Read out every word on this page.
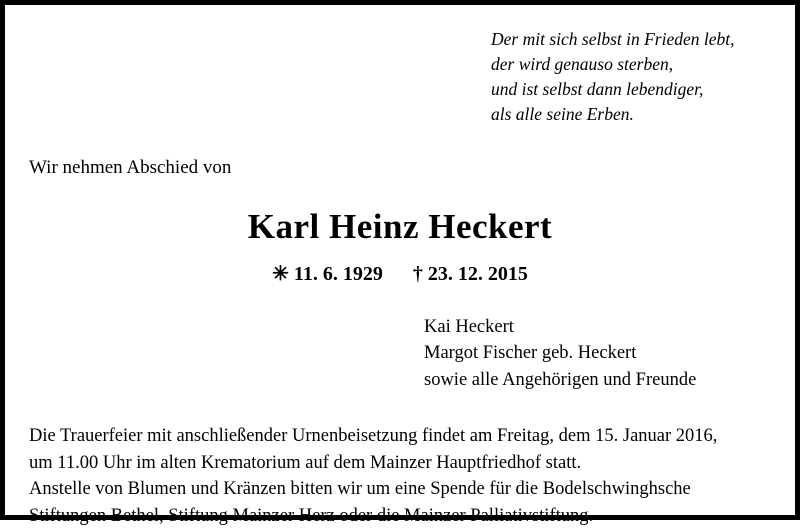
Der mit sich selbst in Frieden lebt,
der wird genauso sterben,
und ist selbst dann lebendiger,
als alle seine Erben.
Wir nehmen Abschied von
Karl Heinz Heckert
✳ 11. 6. 1929 † 23. 12. 2015
Kai Heckert
Margot Fischer geb. Heckert
sowie alle Angehörigen und Freunde
Die Trauerfeier mit anschließender Urnenbeisetzung findet am Freitag, dem 15. Januar 2016,
um 11.00 Uhr im alten Krematorium auf dem Mainzer Hauptfriedhof statt.
Anstelle von Blumen und Kränzen bitten wir um eine Spende für die Bodelschwinghsche
Stiftungen Bethel, Stiftung Mainzer Herz oder die Mainzer Palliativstiftung.
